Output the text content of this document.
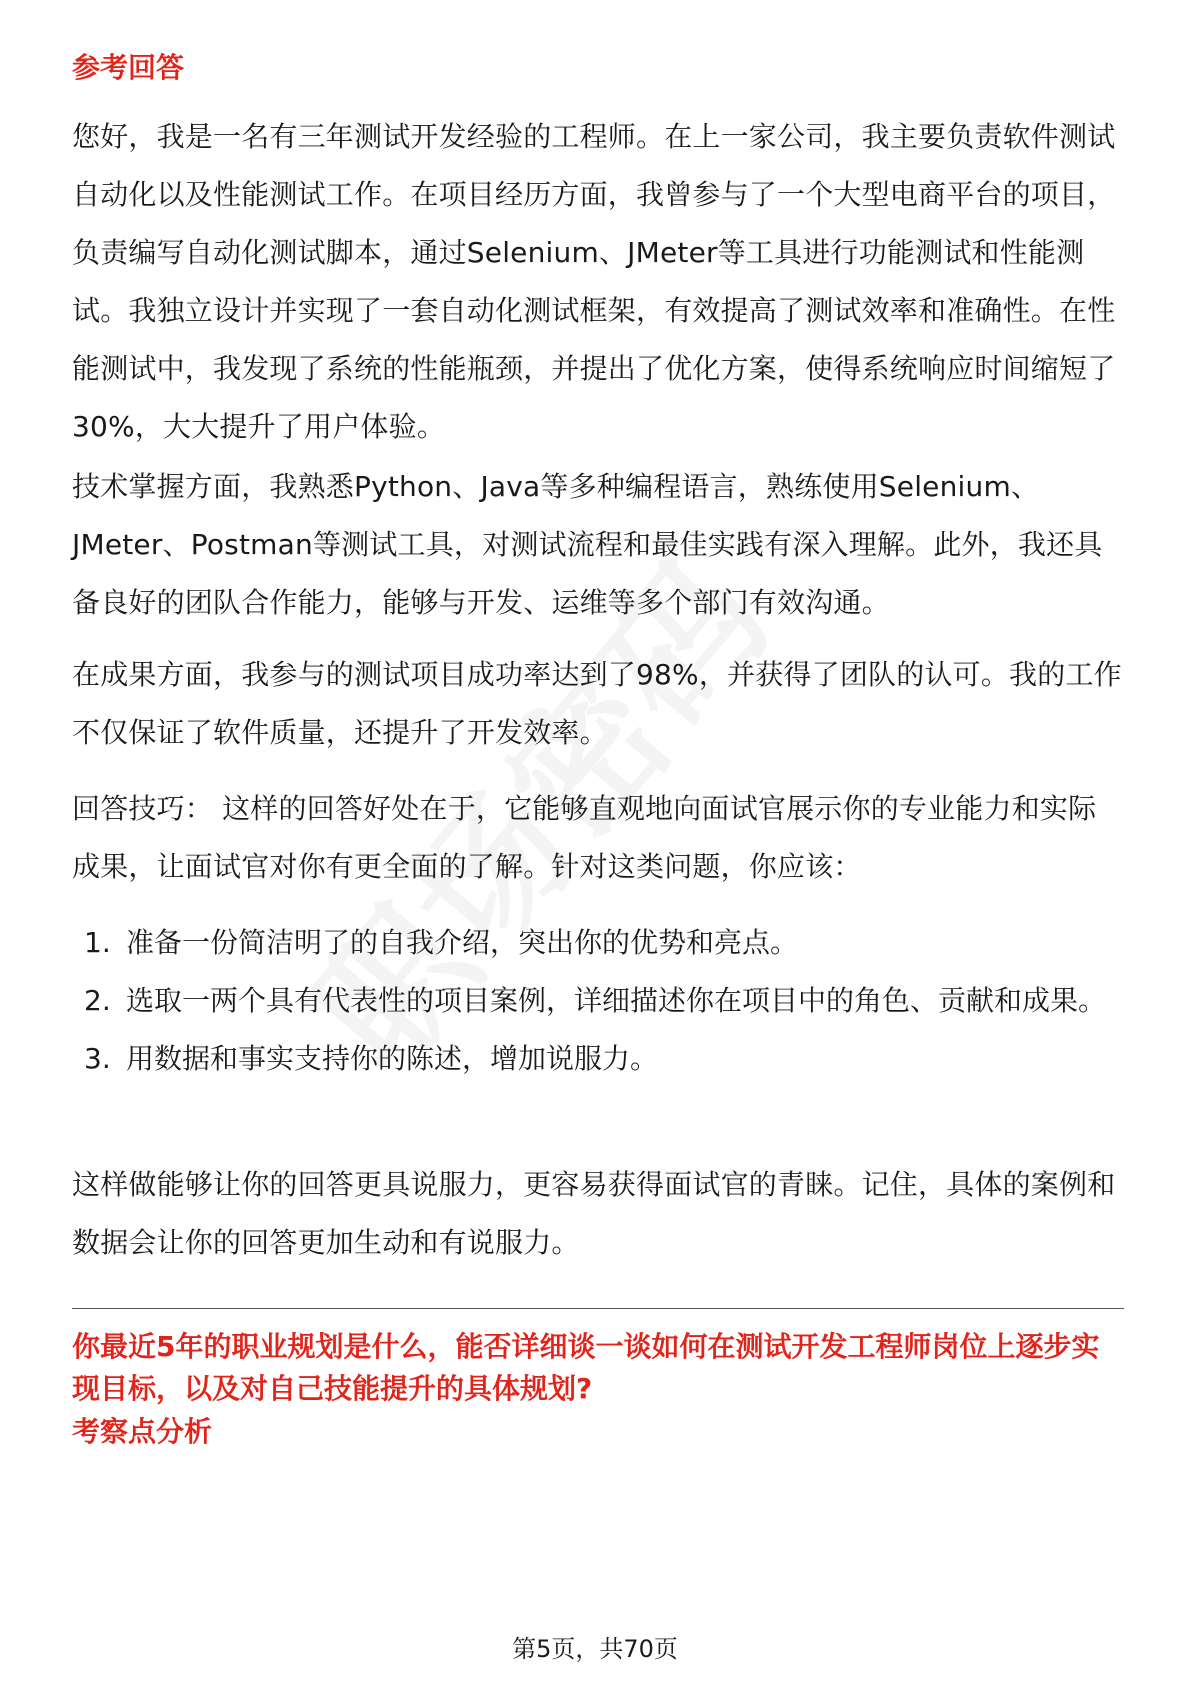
参考回答
您好，我是一名有三年测试开发经验的工程师。在上一家公司，我主要负责软件测试自动化以及性能测试工作。在项目经历方面，我曾参与了一个大型电商平台的项目，负责编写自动化测试脚本，通过Selenium、JMeter等工具进行功能测试和性能测试。我独立设计并实现了一套自动化测试框架，有效提高了测试效率和准确性。在性能测试中，我发现了系统的性能瓶颈，并提出了优化方案，使得系统响应时间缩短了30%，大大提升了用户体验。
技术掌握方面，我熟悉Python、Java等多种编程语言，熟练使用Selenium、JMeter、Postman等测试工具，对测试流程和最佳实践有深入理解。此外，我还具备良好的团队合作能力，能够与开发、运维等多个部门有效沟通。
在成果方面，我参与的测试项目成功率达到了98%，并获得了团队的认可。我的工作不仅保证了软件质量，还提升了开发效率。
回答技巧： 这样的回答好处在于，它能够直观地向面试官展示你的专业能力和实际成果，让面试官对你有更全面的了解。针对这类问题，你应该：
1. 准备一份简洁明了的自我介绍，突出你的优势和亮点。
2. 选取一两个具有代表性的项目案例，详细描述你在项目中的角色、贡献和成果。
3. 用数据和事实支持你的陈述，增加说服力。
这样做能够让你的回答更具说服力，更容易获得面试官的青睐。记住，具体的案例和数据会让你的回答更加生动和有说服力。
你最近5年的职业规划是什么，能否详细谈一谈如何在测试开发工程师岗位上逐步实现目标，以及对自己技能提升的具体规划?
考察点分析
第5页，共70页
